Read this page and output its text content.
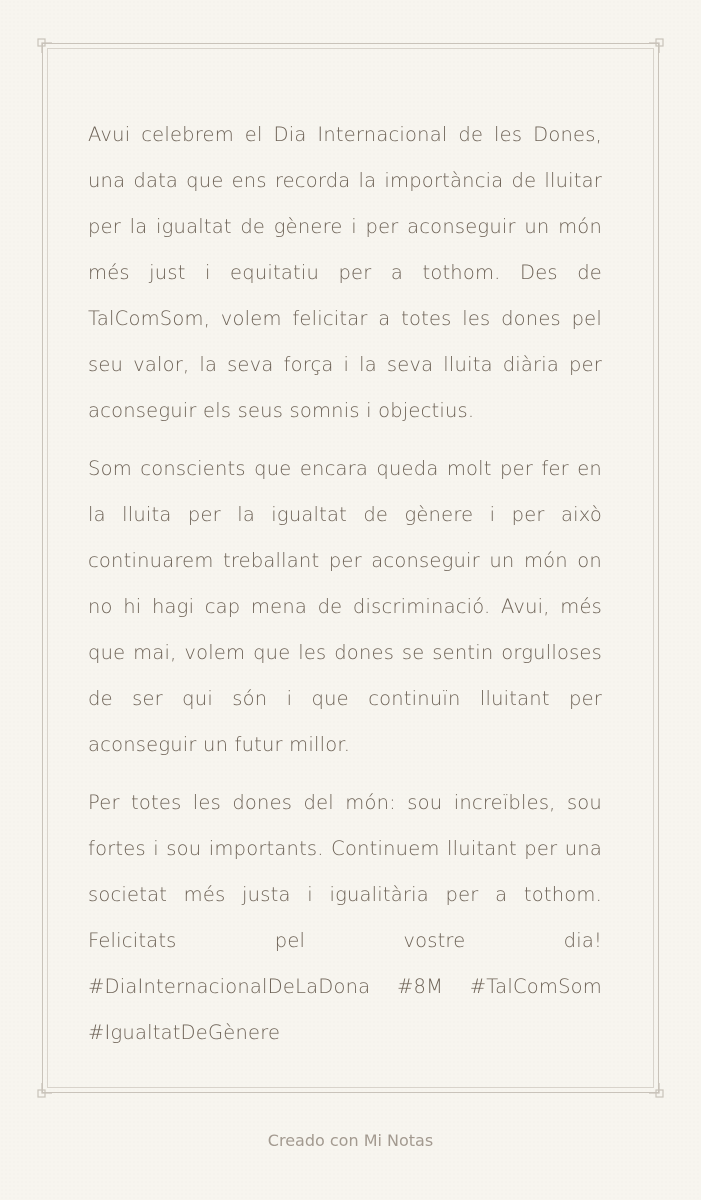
Avui celebrem el Dia Internacional de les Dones, una data que ens recorda la importància de lluitar per la igualtat de gènere i per aconseguir un món més just i equitatiu per a tothom. Des de TalComSom, volem felicitar a totes les dones pel seu valor, la seva força i la seva lluita diària per aconseguir els seus somnis i objectius.

Som conscients que encara queda molt per fer en la lluita per la igualtat de gènere i per això continuarem treballant per aconseguir un món on no hi hagi cap mena de discriminació. Avui, més que mai, volem que les dones se sentin orgulloses de ser qui són i que continuïn lluitant per aconseguir un futur millor.

Per totes les dones del món: sou increïbles, sou fortes i sou importants. Continuem lluitant per una societat més justa i igualitària per a tothom. Felicitats pel vostre dia! #DiaInternacionalDeLaDona #8M #TalComSom #IgualtatDeGènere

Creado con Mi Notas
